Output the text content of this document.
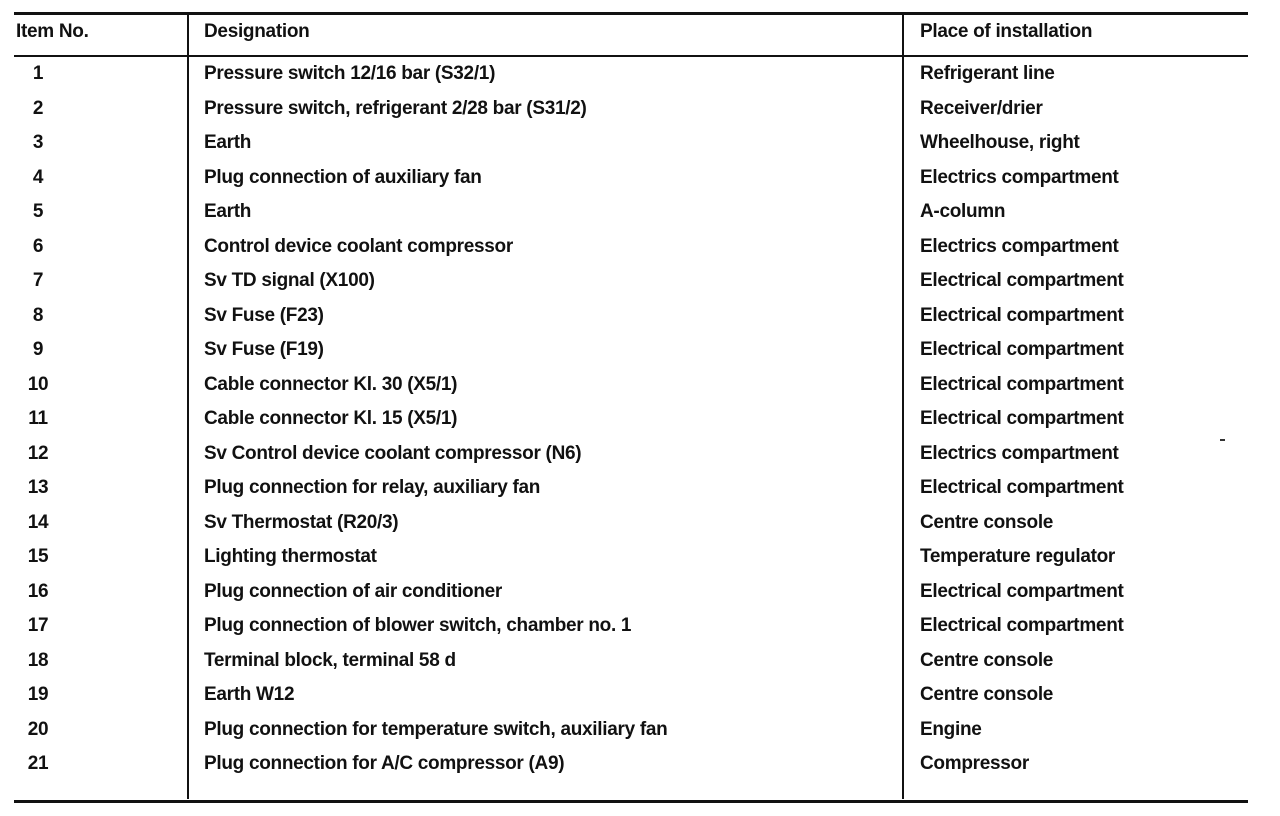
Item No.	Designation	Place of installation
1	Pressure switch 12/16 bar (S32/1)	Refrigerant line
2	Pressure switch, refrigerant 2/28 bar (S31/2)	Receiver/drier
3	Earth	Wheelhouse, right
4	Plug connection of auxiliary fan	Electrics compartment
5	Earth	A-column
6	Control device coolant compressor	Electrics compartment
7	Sv TD signal (X100)	Electrical compartment
8	Sv Fuse (F23)	Electrical compartment
9	Sv Fuse (F19)	Electrical compartment
10	Cable connector Kl. 30 (X5/1)	Electrical compartment
11	Cable connector Kl. 15 (X5/1)	Electrical compartment
12	Sv Control device coolant compressor (N6)	Electrics compartment
13	Plug connection for relay, auxiliary fan	Electrical compartment
14	Sv Thermostat (R20/3)	Centre console
15	Lighting thermostat	Temperature regulator
16	Plug connection of air conditioner	Electrical compartment
17	Plug connection of blower switch, chamber no. 1	Electrical compartment
18	Terminal block, terminal 58 d	Centre console
19	Earth W12	Centre console
20	Plug connection for temperature switch, auxiliary fan	Engine
21	Plug connection for A/C compressor (A9)	Compressor
